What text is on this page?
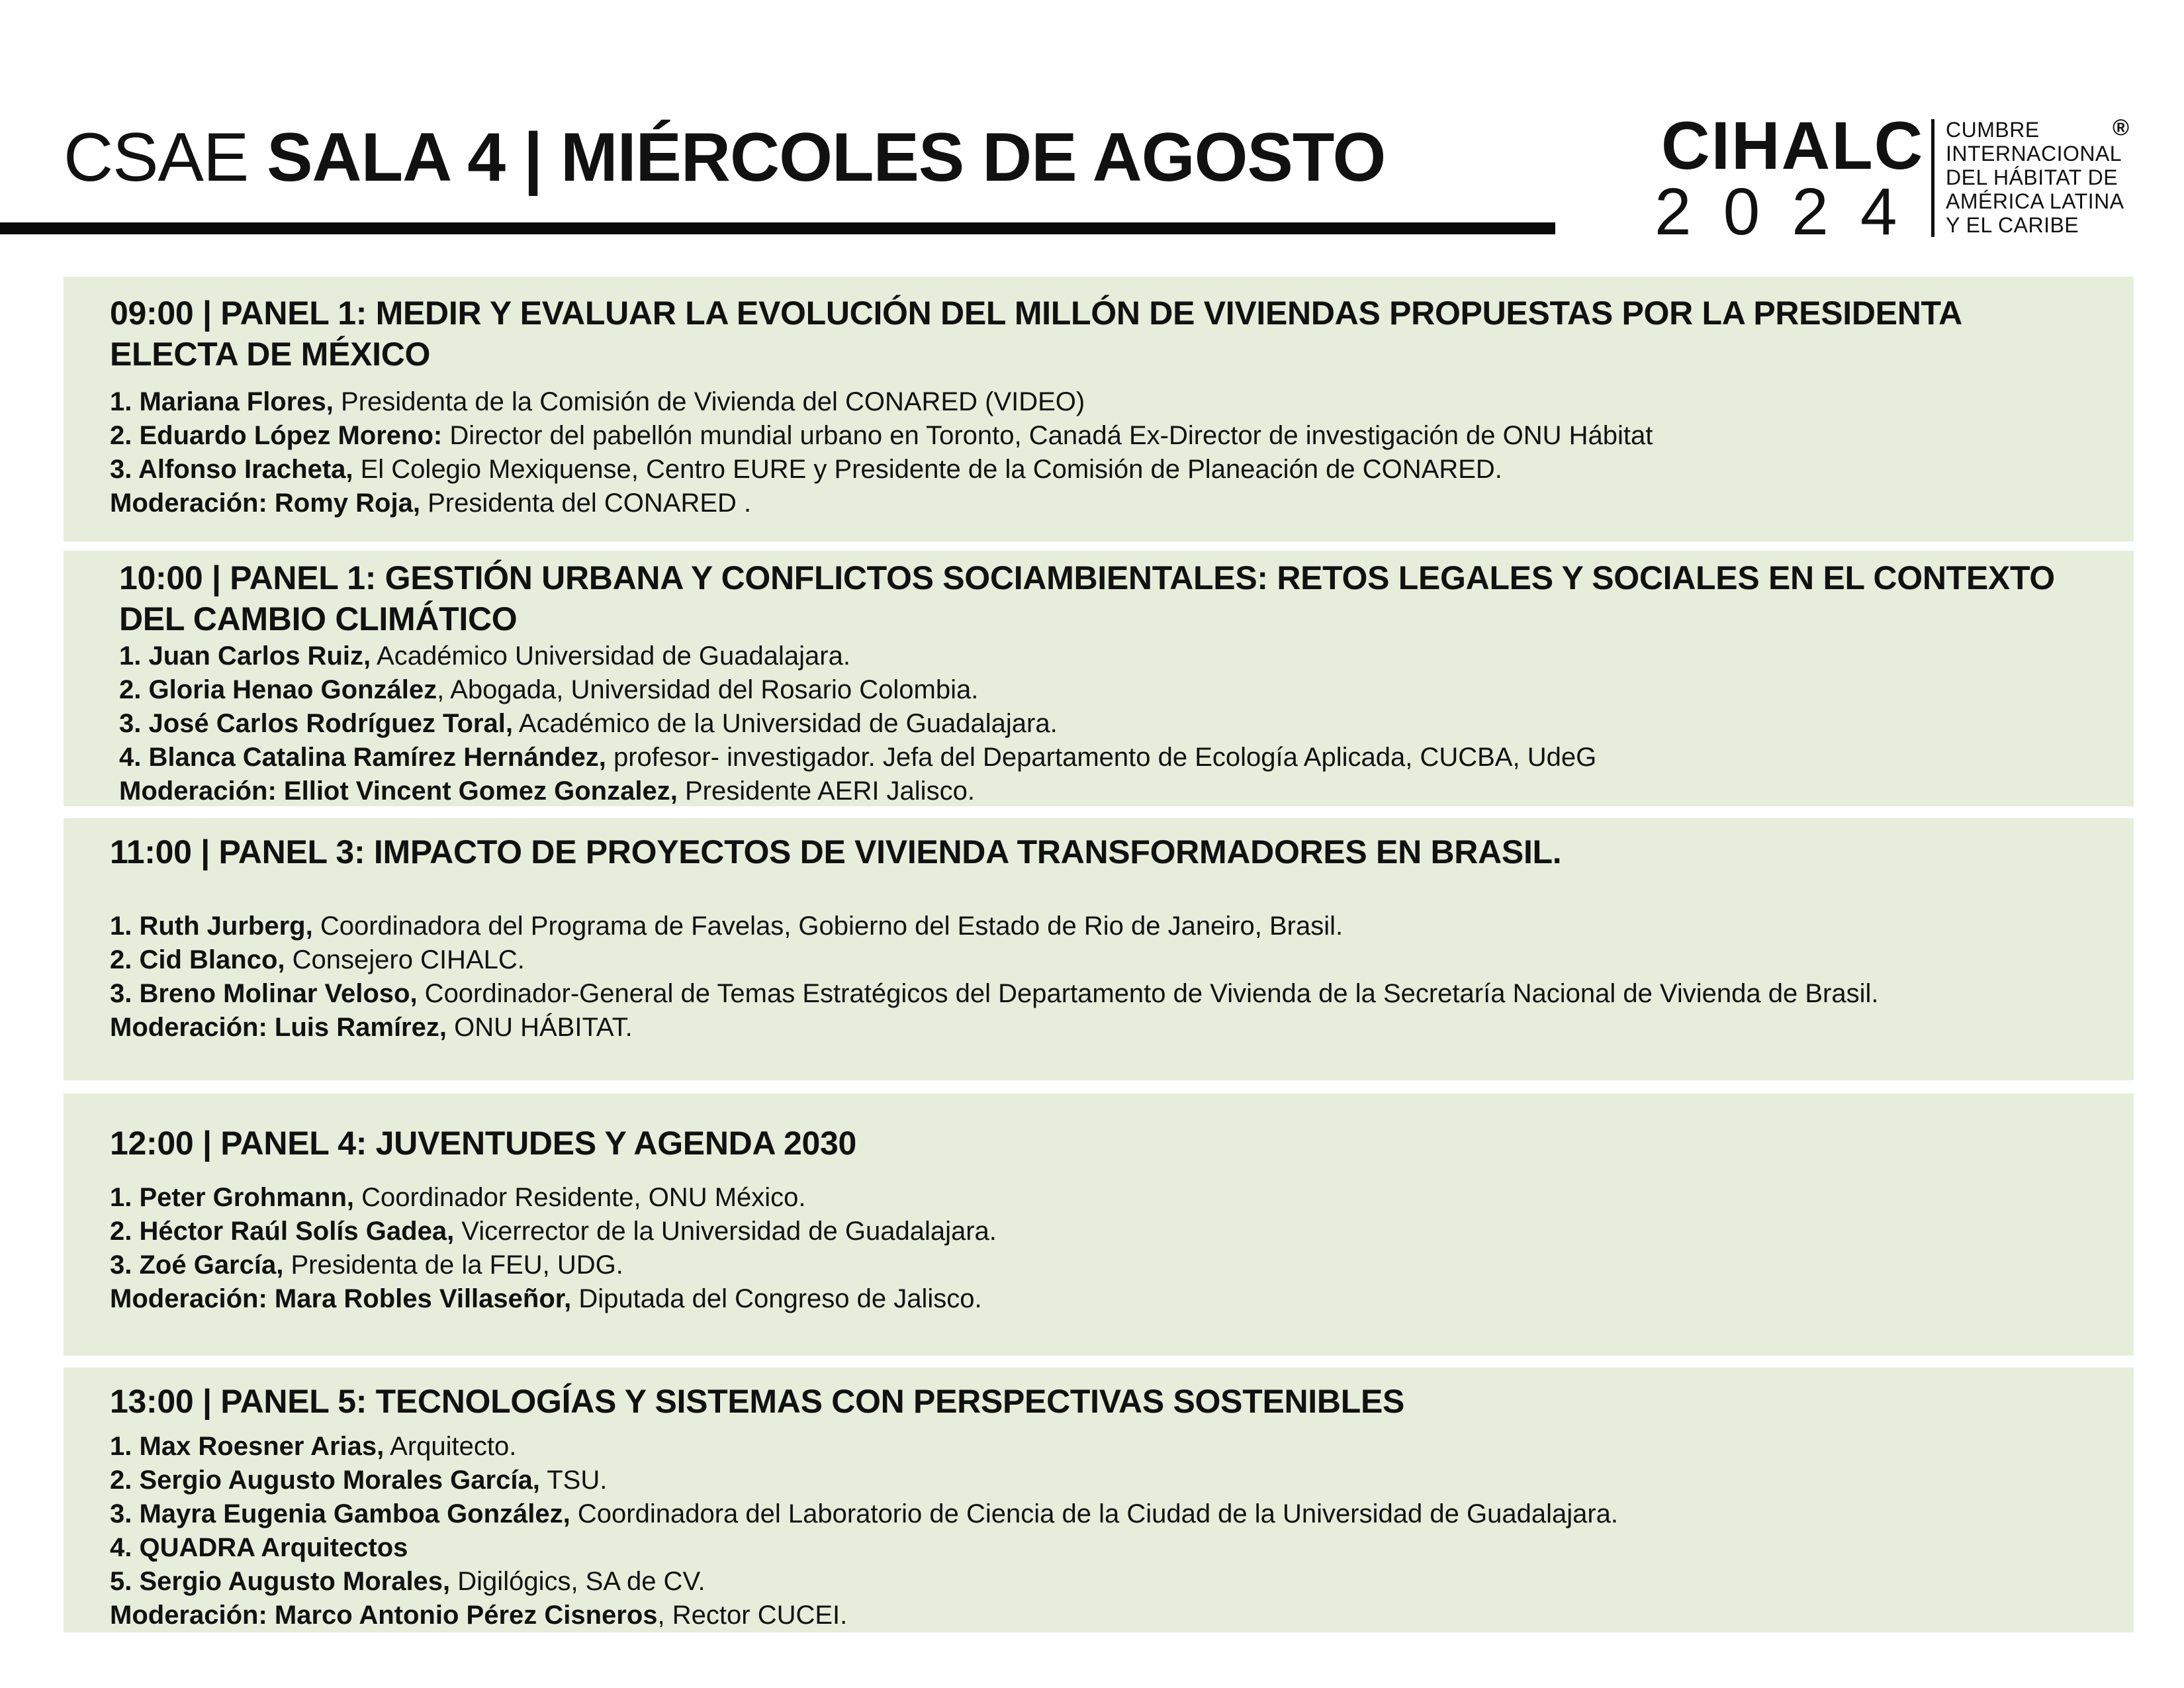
CSAE SALA 4 | MIÉRCOLES DE AGOSTO	CIHALC
2024
CUMBRE
INTERNACIONAL
DEL HÁBITAT DE
AMÉRICA LATINA
Y EL CARIBE
®
09:00 | PANEL 1: MEDIR Y EVALUAR LA EVOLUCIÓN DEL MILLÓN DE VIVIENDAS PROPUESTAS POR LA PRESIDENTA ELECTA DE MÉXICO
1. Mariana Flores, Presidenta de la Comisión de Vivienda del CONARED (VIDEO)
2. Eduardo López Moreno: Director del pabellón mundial urbano en Toronto, Canadá Ex-Director de investigación de ONU Hábitat
3. Alfonso Iracheta, El Colegio Mexiquense, Centro EURE y Presidente de la Comisión de Planeación de CONARED.
Moderación: Romy Roja, Presidenta del CONARED .
10:00 | PANEL 1: GESTIÓN URBANA Y CONFLICTOS SOCIAMBIENTALES: RETOS LEGALES Y SOCIALES EN EL CONTEXTO DEL CAMBIO CLIMÁTICO
1. Juan Carlos Ruiz, Académico Universidad de Guadalajara.
2. Gloria Henao González, Abogada, Universidad del Rosario Colombia.
3. José Carlos Rodríguez Toral, Académico de la Universidad de Guadalajara.
4. Blanca Catalina Ramírez Hernández, profesor- investigador. Jefa del Departamento de Ecología Aplicada, CUCBA, UdeG
Moderación: Elliot Vincent Gomez Gonzalez, Presidente AERI Jalisco.
11:00 | PANEL 3: IMPACTO DE PROYECTOS DE VIVIENDA TRANSFORMADORES EN BRASIL.
1. Ruth Jurberg, Coordinadora del Programa de Favelas, Gobierno del Estado de Rio de Janeiro, Brasil.
2. Cid Blanco, Consejero CIHALC.
3. Breno Molinar Veloso, Coordinador-General de Temas Estratégicos del Departamento de Vivienda de la Secretaría Nacional de Vivienda de Brasil.
Moderación: Luis Ramírez, ONU HÁBITAT.
12:00 | PANEL 4: JUVENTUDES Y AGENDA 2030
1. Peter Grohmann, Coordinador Residente, ONU México.
2. Héctor Raúl Solís Gadea, Vicerrector de la Universidad de Guadalajara.
3. Zoé García, Presidenta de la FEU, UDG.
Moderación: Mara Robles Villaseñor, Diputada del Congreso de Jalisco.
13:00 | PANEL 5: TECNOLOGÍAS Y SISTEMAS CON PERSPECTIVAS SOSTENIBLES
1. Max Roesner Arias, Arquitecto.
2. Sergio Augusto Morales García, TSU.
3. Mayra Eugenia Gamboa González, Coordinadora del Laboratorio de Ciencia de la Ciudad de la Universidad de Guadalajara.
4. QUADRA Arquitectos
5. Sergio Augusto Morales, Digilógics, SA de CV.
Moderación: Marco Antonio Pérez Cisneros, Rector CUCEI.
